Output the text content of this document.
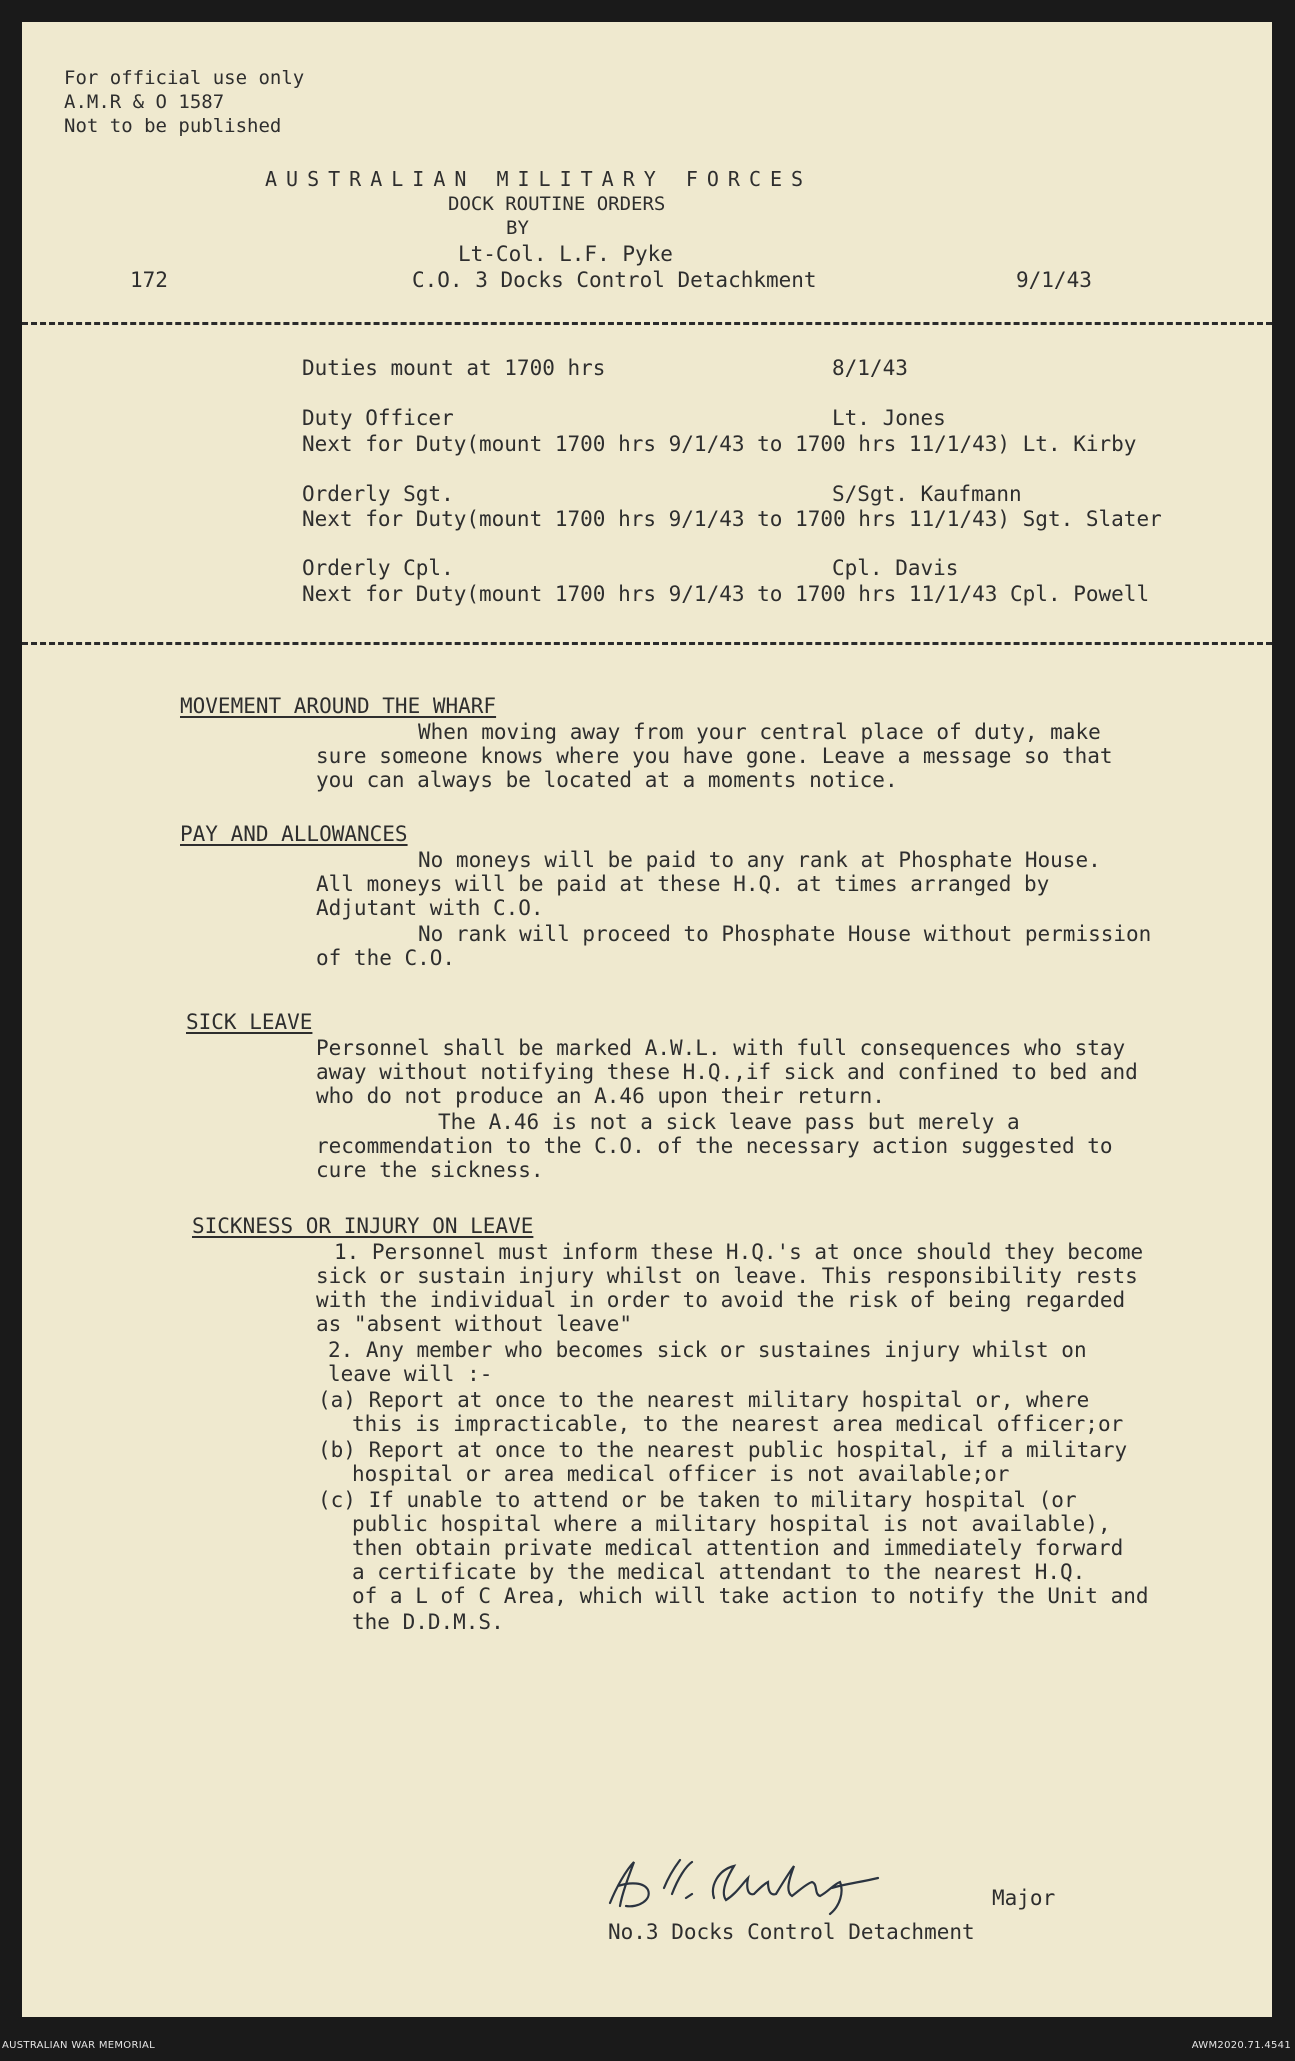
For official use only
A.M.R & O 1587
Not to be published
AUSTRALIAN MILITARY FORCES
DOCK ROUTINE ORDERS
BY
Lt-Col. L.F. Pyke
172	C.O. 3 Docks Control Detachkment	9/1/43
Duties mount at 1700 hrs	8/1/43
Duty Officer	Lt. Jones
Next for Duty(mount 1700 hrs 9/1/43 to 1700 hrs 11/1/43) Lt. Kirby
Orderly Sgt.	S/Sgt. Kaufmann
Next for Duty(mount 1700 hrs 9/1/43 to 1700 hrs 11/1/43) Sgt. Slater
Orderly Cpl.	Cpl. Davis
Next for Duty(mount 1700 hrs 9/1/43 to 1700 hrs 11/1/43 Cpl. Powell
MOVEMENT AROUND THE WHARF
When moving away from your central place of duty, make
sure someone knows where you have gone. Leave a message so that
you can always be located at a moments notice.
PAY AND ALLOWANCES
No moneys will be paid to any rank at Phosphate House.
All moneys will be paid at these H.Q. at times arranged by
Adjutant with C.O.
No rank will proceed to Phosphate House without permission
of the C.O.
SICK LEAVE
Personnel shall be marked A.W.L. with full consequences who stay
away without notifying these H.Q.,if sick and confined to bed and
who do not produce an A.46 upon their return.
The A.46 is not a sick leave pass but merely a
recommendation to the C.O. of the necessary action suggested to
cure the sickness.
SICKNESS OR INJURY ON LEAVE
1. Personnel must inform these H.Q.'s at once should they become
sick or sustain injury whilst on leave. This responsibility rests
with the individual in order to avoid the risk of being regarded
as "absent without leave"
2. Any member who becomes sick or sustaines injury whilst on
leave will :-
(a) Report at once to the nearest military hospital or, where
this is impracticable, to the nearest area medical officer;or
(b) Report at once to the nearest public hospital, if a military
hospital or area medical officer is not available;or
(c) If unable to attend or be taken to military hospital (or
public hospital where a military hospital is not available),
then obtain private medical attention and immediately forward
a certificate by the medical attendant to the nearest H.Q.
of a L of C Area, which will take action to notify the Unit and
the D.D.M.S.
Major
No.3 Docks Control Detachment
AUSTRALIAN WAR MEMORIAL	AWM2020.71.4541
